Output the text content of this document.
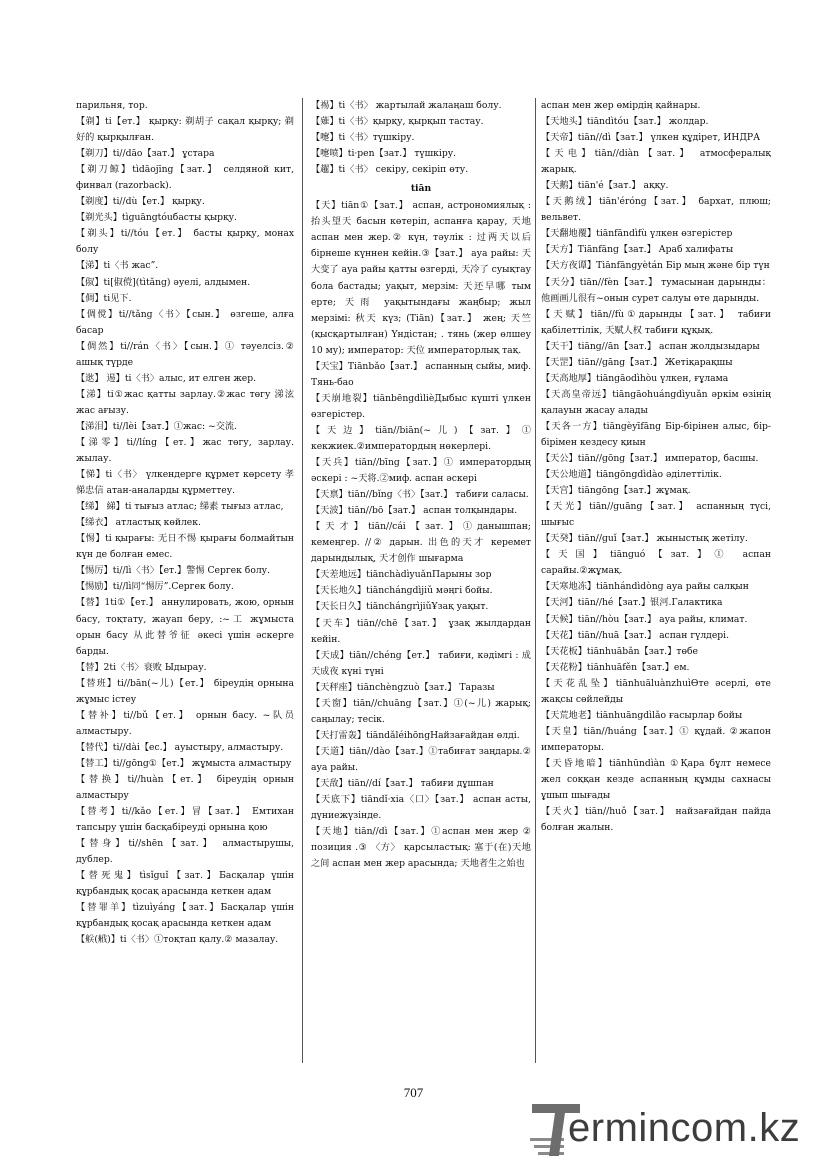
парильня, тор.
【剃】ti【ет.】 қырқу: 剃胡子 сақал қырқу; 剃好的 қырқылған.
【剃刀】ti//dāo【зат.】 ұстара
【剃刀鲸】tìdāojīng【зат.】 селдяной кит, финвал (razorback).
【剃度】ti//dù【ет.】 қырқу.
【剃光头】tìguāngtóuбасты қырқу.
【剃头】ti//tóu【ет.】 басты қырқу, монах болу
【涕】ti〈书 жас”.
【俶】ti[俶傥](tìtǎng) әуелі, алдымен.
【倜】ti见下.
【倜傥】ti//tǎng〈书〉【сын.】 өзгеше, алға басар
【倜然】ti//rán〈书〉【сын.】① тәуелсіз.② ашық түрде
【逖】 逷】ti〈书〉алыс, ит елген жер.
【涕】ti①жас қатты зарлау.②жас төгу 涕泫 жас ағызу.
【涕泪】ti//lèi【зат.】①жас: ~交流.
【涕零】ti//líng【ет.】жас төгу, зарлау. жылау.
【悌】ti〈书〉 үлкендерге құрмет көрсету 孝悌忠信 атан-аналарды құрметтеу.
【绨】 綈】ti тығыз атлас; 绨素 тығыз атлас,
【绨衣】 атластық көйлек.
【惕】ti қырағы: 无日不惕 қырағы болмайтын күн де болған емес.
【惕厉】ti//lì〈书〉【ет.】警惕 Сергек болу.
【惕励】ti//lì同“惕厉”.Сергек болу.
【替】1ti①【ет.】 аннулировать, жою, орнын басу, тоқтату, жауап беру, :~工 жұмыста орын басу 从此替爷征 әкесі үшін әскерге барды.
【替】2ti〈书〉衰败 Ыдырау.
【替班】ti//bān(~儿)【ет.】 біреудің орнына жұмыс істеу
【替补】ti//bǔ【ет.】 орнын басу. ~队员 алмастыру.
【替代】ti//dài【ес.】 ауыстыру, алмастыру.
【替工】ti//gōng①【ет.】 жұмыста алмастыру
【替换】ti//huàn【ет.】 біреудің орнын алмастыру
【替考】ti//kǎo【ет.】冒【зат.】 Емтихан тапсыру үшін басқабіреуді орнына қою
【替身】ti//shēn【зат.】 алмастырушы, дублер.
【替死鬼】tìsǐguǐ【зат.】Басқалар үшін құрбандық қосақ арасында кеткен адам
【替罪羊】tìzuìyáng【зат.】Басқалар үшін құрбандық қосақ арасында кеткен адам
【𦨶(𦨷)】ti〈书〉①тоқтап қалу.② мазалау.
【裼】ti〈书〉 жартылай жалаңаш болу.
【薙】ti〈书〉қырқу, қырқып тастау.
【嚏】ti〈书〉түшкіру.
【嚏喷】ti·pen【зат.】 түшкіру.
【趯】ti〈书〉 секіру, секіріп өту.
tiān
【天】tiān①【зат.】 аспан, астрономиялық : 抬头望天 басын көтеріп, аспанға қарау, 天地 аспан мен жер.② күн, тәулік : 过两天以后 бірнеше күннен кейін.③【зат.】 ауа райы: 天大变了 ауа райы қатты өзгерді, 天冷了 суықтау бола бастады; уақыт, мерзім: 天还早哪 тым ерте; 天雨 уақытындағы жаңбыр; жыл мерзімі: 秋天 күз; (Tiān)【зат.】 жең; 天竺 (қысқартылған) Үндістан; . тянь (жер өлшеу 10 му); император: 天位 императорлық тақ.
【天宝】Tiānbǎo【зат.】 аспанның сыйы, миф. Тянь-бао
【天崩地裂】tiānbēngdìlièДыбыс күшті үлкен өзгерістер.
【天边】tiān//biān(~儿)【зат.】① кекжиек.②императордың нөкерлері.
【天兵】tiān//bīng【зат.】① императордың әскері : ~天将.②миф. аспан әскері
【天禀】tiān//bǐng〈书〉【зат.】 табиғи саласы.
【天波】tiān//bō【зат.】 аспан толқындары.
【天才】tiān//cái【зат.】①данышпан; кемеңгер. //② дарын. 出色的天才 керемет дарындылық, 天才创作 шығарма
【天差地远】tiānchàdìyuǎnПарыны зор
【天长地久】tiānchángdìjiǔ мәңгі бойы.
【天长日久】tiānchángrìjiǔҰзақ уақыт.
【天车】tiān//chē【зат.】 ұзақ жылдардан кейін.
【天成】tiān//chéng【ет.】 табиғи, кәдімгі : 成天成夜 күні түні
【天秤座】tiānchèngzuò【зат.】 Таразы
【天窗】tiān//chuāng【зат.】①(~儿) жарық; саңылау; тесік.
【天打雷轰】tiāndǎléihōngНайзағайдан өлді.
【天道】tiān//dào【зат.】①табиғат заңдары.② ауа райы.
【天敌】tiān//dí【зат.】 табиғи дұшпан
【天底下】tiāndǐ·xia〈口〉【зат.】 аспан асты, дүниежүзінде.
【天地】tiān//dì【зат.】①аспан мен жер ② позиция .③ 〈方〉 қарсыластық: 塞于(在)天地之间 аспан мен жер арасында; 天地者生之始也
аспан мен жер өмірдің қайнары.
【天地头】tiāndìtóu【зат.】 жолдар.
【天帝】tiān//dì【зат.】 үлкен құдірет, ИНДРА
【天电】tiān//diàn【зат.】 атмосфералық жарық.
【天鹅】tiān'é【зат.】 аққу.
【天鹅绒】tiān'éróng【зат.】 бархат, плюш; вельвет.
【天翻地覆】tiānfāndìfù үлкен өзгерістер
【天方】Tiānfāng【зат.】 Араб халифаты
【天方夜谭】Tiānfāngyètán Бір мың және бір түн
【天分】tiān//fèn【зат.】 тумасынан дарынды：他画画儿很有~онын сурет салуы өте дарынды.
【天赋】tiān//fù①дарынды【зат.】 табиғи қабілеттілік, 天赋人权 табиғи құқық.
【天干】tiāng//ān【зат.】 аспан жолдызыдары
【天罡】tiān//gāng【зат.】 Жетіқарақшы
【天高地厚】tiāngāodìhòu үлкен, ғұлама
【天高皇帝远】tiāngāohuángdìyuǎn әркім өзінің қалауын жасау алады
【天各一方】tiāngèyīfāng Бір-бірінен алыс, бір-бірімен кездесу қиын
【天公】tiān//gōng【зат.】 император, басшы.
【天公地道】tiāngōngdìdào әділеттілік.
【天宫】tiāngōng【зат.】жұмақ.
【天光】tiān//guāng【зат.】 аспанның түсі, шығыс
【天癸】tiān//guǐ【зат.】 жыныстық жетілу.
【天国】tiānguó【зат.】① аспан сарайы.②жұмақ.
【天寒地冻】tiānhándìdòng ауа райы салқын
【天河】tiān//hé【зат.】银河.Галактика
【天候】tiān//hòu【зат.】 ауа райы, климат.
【天花】tiān//huā【зат.】 аспан гүлдері.
【天花板】tiānhuābǎn【зат.】төбе
【天花粉】tiānhuāfěn【зат.】ем.
【天花乱坠】tiānhuāluànzhuìӨте әсерлі, өте жақсы сөйлейды
【天荒地老】tiānhuāngdìlǎo ғасырлар бойы
【天皇】tiān//huáng【зат.】① құдай. ②жапон императоры.
【天昏地暗】tiānhūndìàn ①Қара бұлт немесе жел соққан кезде аспанның құмды сахнасы ұшып шығады
【天火】tiān//huǒ【зат.】 найзағайдан пайда болған жалын.
707
ermincom.kz
